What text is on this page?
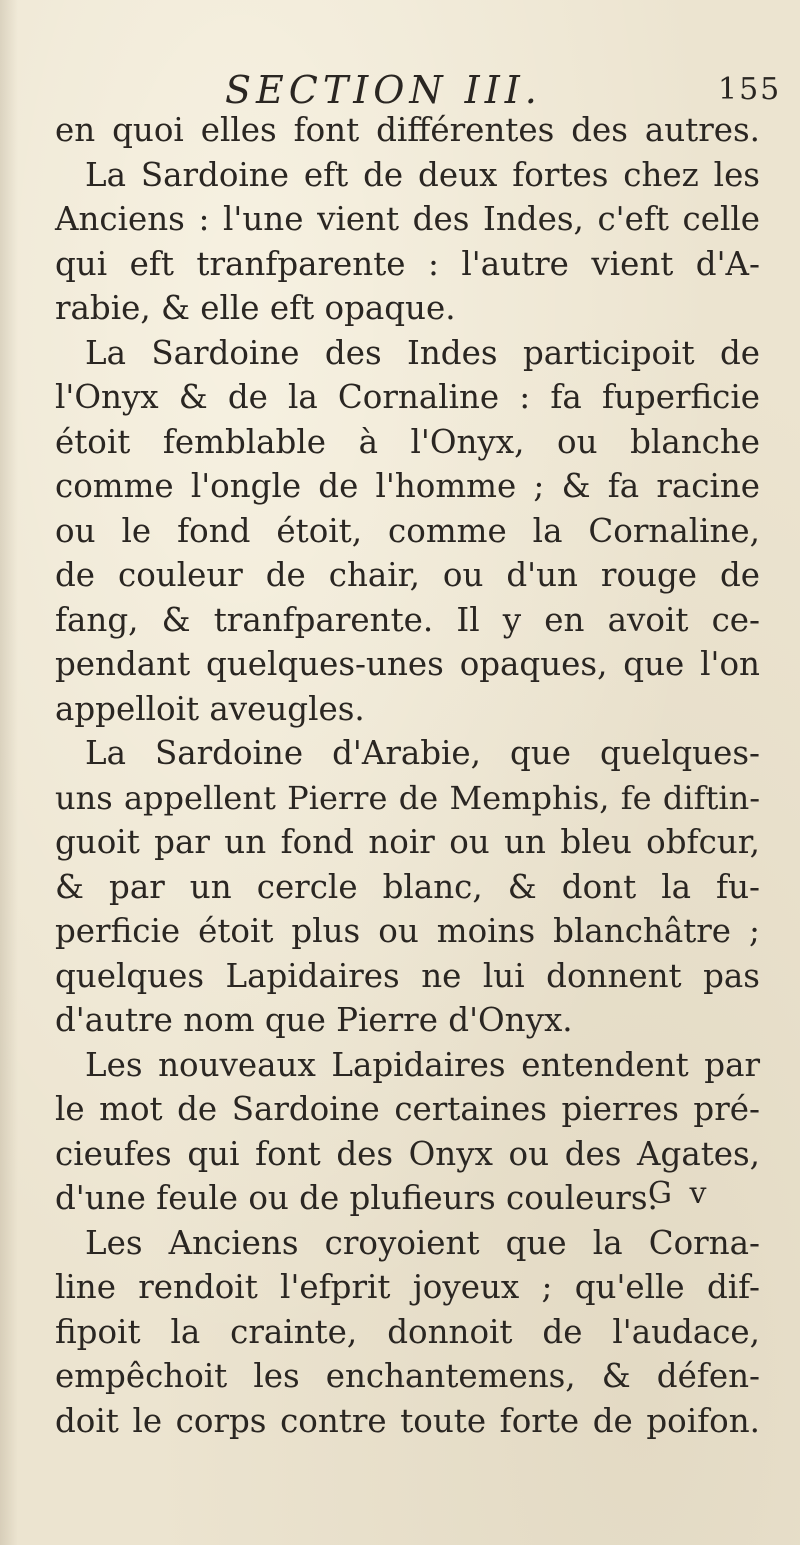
SECTION III.	155
en quoi elles font différentes des autres.
La Sardoine eft de deux fortes chez les
Anciens : l'une vient des Indes, c'eft celle
qui eft tranfparente : l'autre vient d'A-
rabie, & elle eft opaque.
La Sardoine des Indes participoit de
l'Onyx & de la Cornaline : fa fuperficie
étoit femblable à l'Onyx, ou blanche
comme l'ongle de l'homme ; & fa racine
ou le fond étoit, comme la Cornaline,
de couleur de chair, ou d'un rouge de
fang, & tranfparente. Il y en avoit ce-
pendant quelques-unes opaques, que l'on
appelloit aveugles.
La Sardoine d'Arabie, que quelques-
uns appellent Pierre de Memphis, fe diftin-
guoit par un fond noir ou un bleu obfcur,
& par un cercle blanc, & dont la fu-
perficie étoit plus ou moins blanchâtre ;
quelques Lapidaires ne lui donnent pas
d'autre nom que Pierre d'Onyx.
Les nouveaux Lapidaires entendent par
le mot de Sardoine certaines pierres pré-
cieufes qui font des Onyx ou des Agates,
d'une feule ou de plufieurs couleurs.
Les Anciens croyoient que la Corna-
line rendoit l'efprit joyeux ; qu'elle dif-
fipoit la crainte, donnoit de l'audace,
empêchoit les enchantemens, & défen-
doit le corps contre toute forte de poifon.
G v
